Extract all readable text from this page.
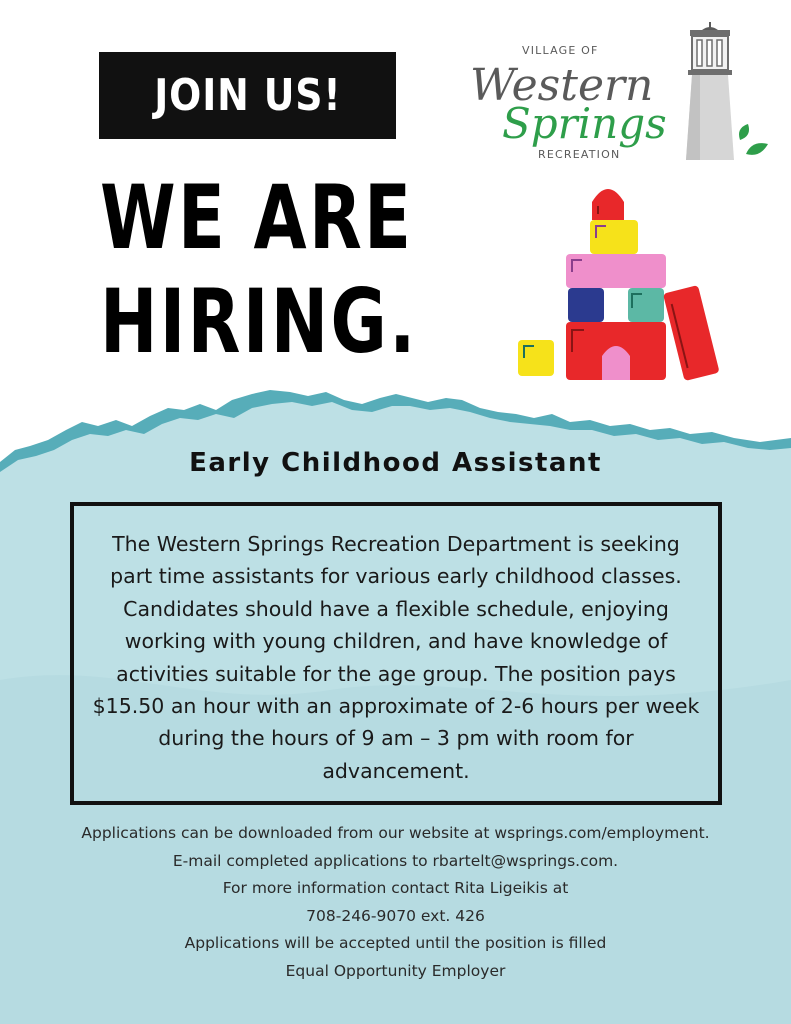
JOIN US!
WE ARE
HIRING.
VILLAGE OF
Western
Springs
RECREATION
Early Childhood Assistant

The Western Springs Recreation Department is seeking part time assistants for various early childhood classes. Candidates should have a flexible schedule, enjoying working with young children, and have knowledge of activities suitable for the age group. The position pays $15.50 an hour with an approximate of 2-6 hours per week during the hours of 9 am – 3 pm with room for advancement.

Applications can be downloaded from our website at wsprings.com/employment.
E-mail completed applications to rbartelt@wsprings.com.
For more information contact Rita Ligeikis at
708-246-9070 ext. 426
Applications will be accepted until the position is filled
Equal Opportunity Employer
